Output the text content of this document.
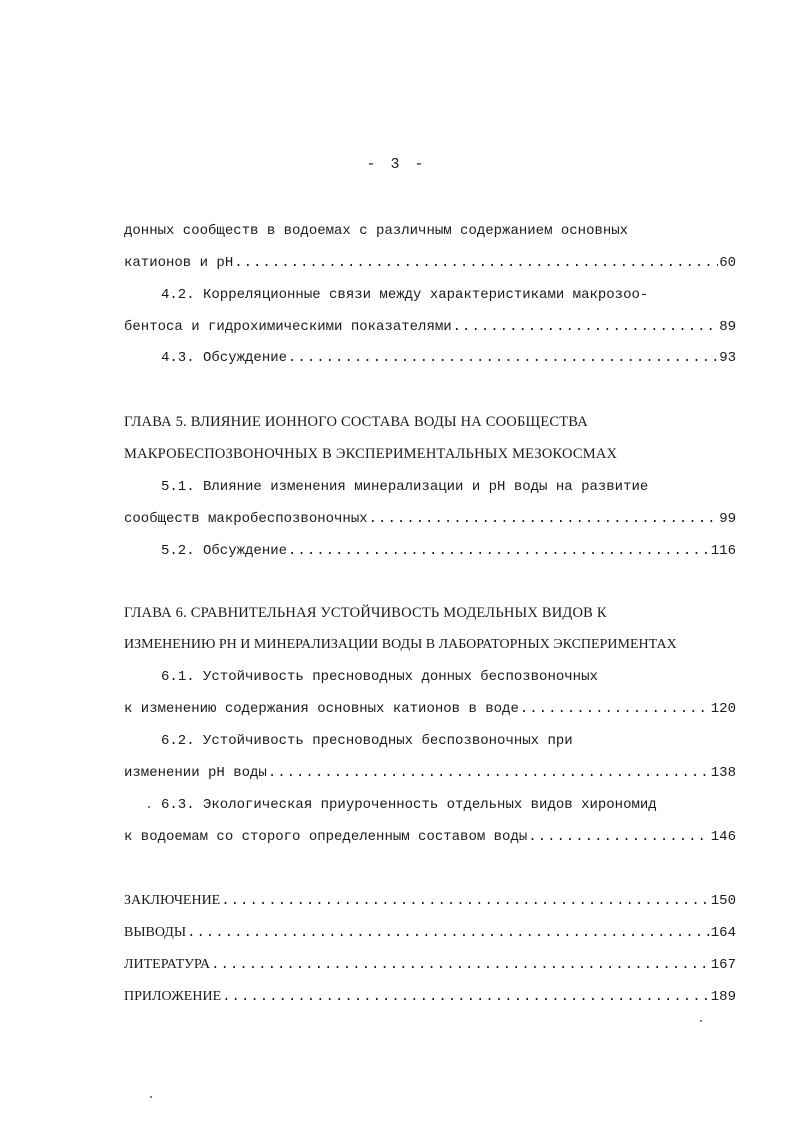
- 3 -
донных сообществ в водоемах с различным содержанием основных
катионов и pH .....	60
4.2. Корреляционные связи между характеристиками макрозоо-
бентоса и гидрохимическими показателями .....	89
4.3. Обсуждение .....	93
ГЛАВА 5. ВЛИЯНИЕ ИОННОГО СОСТАВА ВОДЫ НА СООБЩЕСТВА
МАКРОБЕСПОЗВОНОЧНЫХ В ЭКСПЕРИМЕНТАЛЬНЫХ МЕЗОКОСМАХ
5.1. Влияние изменения минерализации и pH воды на развитие
сообществ макробеспозвоночных .....	99
5.2. Обсуждение .....	116
ГЛАВА 6. СРАВНИТЕЛЬНАЯ УСТОЙЧИВОСТЬ МОДЕЛЬНЫХ ВИДОВ К
ИЗМЕНЕНИЮ PH И МИНЕРАЛИЗАЦИИ ВОДЫ В ЛАБОРАТОРНЫХ ЭКСПЕРИМЕНТАХ
6.1. Устойчивость пресноводных донных беспозвоночных
к изменению содержания основных катионов в воде .....	120
6.2. Устойчивость пресноводных беспозвоночных при
изменении pH воды .....	138
6.3. Экологическая приуроченность отдельных видов хирономид
к водоемам со сторого определенным составом воды .....	146
ЗАКЛЮЧЕНИЕ .....	150
ВЫВОДЫ .....	164
ЛИТЕРАТУРА .....	167
ПРИЛОЖЕНИЕ .....	189
